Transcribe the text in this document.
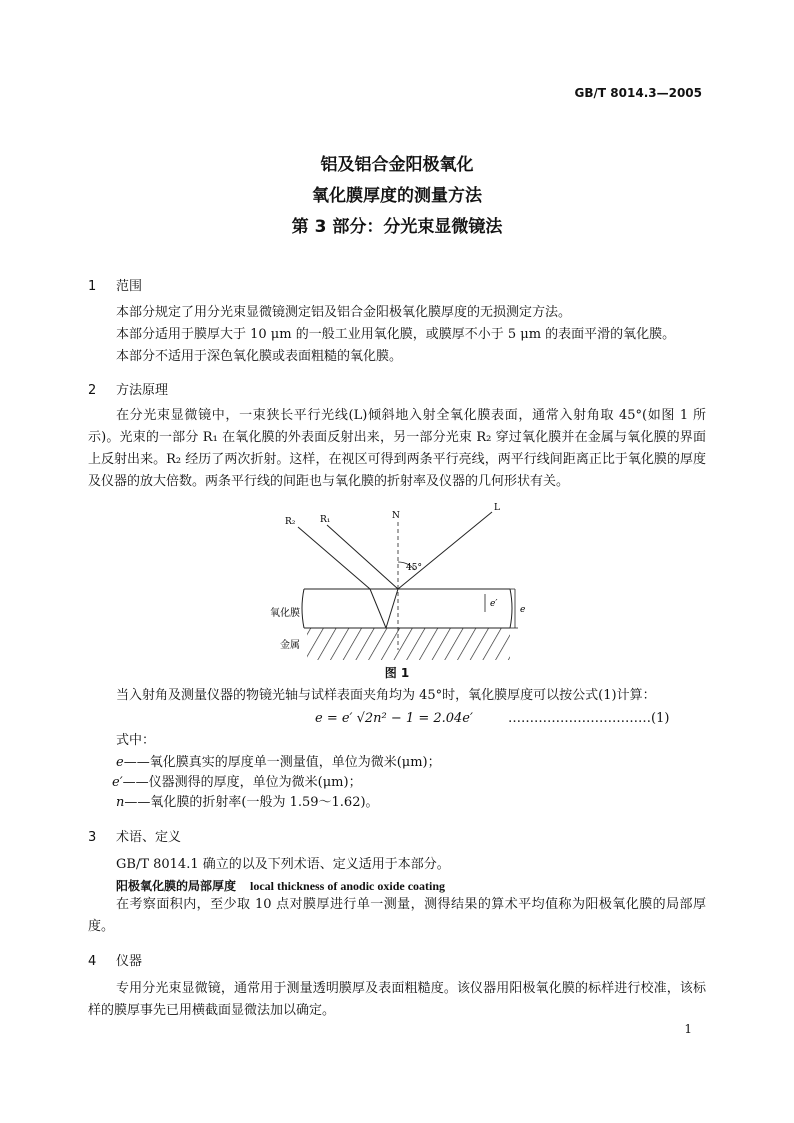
GB/T 8014.3—2005
铝及铝合金阳极氧化
氧化膜厚度的测量方法
第 3 部分：分光束显微镜法
1 范围
本部分规定了用分光束显微镜测定铝及铝合金阳极氧化膜厚度的无损测定方法。
本部分适用于膜厚大于 10 μm 的一般工业用氧化膜，或膜厚不小于 5 μm 的表面平滑的氧化膜。
本部分不适用于深色氧化膜或表面粗糙的氧化膜。
2 方法原理
在分光束显微镜中，一束狭长平行光线(L)倾斜地入射全氧化膜表面，通常入射角取 45°(如图 1 所示)。光束的一部分 R₁ 在氧化膜的外表面反射出来，另一部分光束 R₂ 穿过氧化膜并在金属与氧化膜的界面上反射出来。R₂ 经历了两次折射。这样，在视区可得到两条平行亮线，两平行线间距离正比于氧化膜的厚度及仪器的放大倍数。两条平行线的间距也与氧化膜的折射率及仪器的几何形状有关。
R₂	R₁	N
L
45°
e′
e
氧化膜
金属
图 1
当入射角及测量仪器的物镜光轴与试样表面夹角均为 45°时，氧化膜厚度可以按公式(1)计算：
e = e′ √2n² − 1 = 2.04e′	……………………………(1)
式中：
e——氧化膜真实的厚度单一测量值，单位为微米(μm)；
e′——仪器测得的厚度，单位为微米(μm)；
n——氧化膜的折射率(一般为 1.59～1.62)。
3 术语、定义
GB/T 8014.1 确立的以及下列术语、定义适用于本部分。
阳极氧化膜的局部厚度 local thickness of anodic oxide coating
在考察面积内，至少取 10 点对膜厚进行单一测量，测得结果的算术平均值称为阳极氧化膜的局部厚度。
4 仪器
专用分光束显微镜，通常用于测量透明膜厚及表面粗糙度。该仪器用阳极氧化膜的标样进行校准，该标样的膜厚事先已用横截面显微法加以确定。
1
